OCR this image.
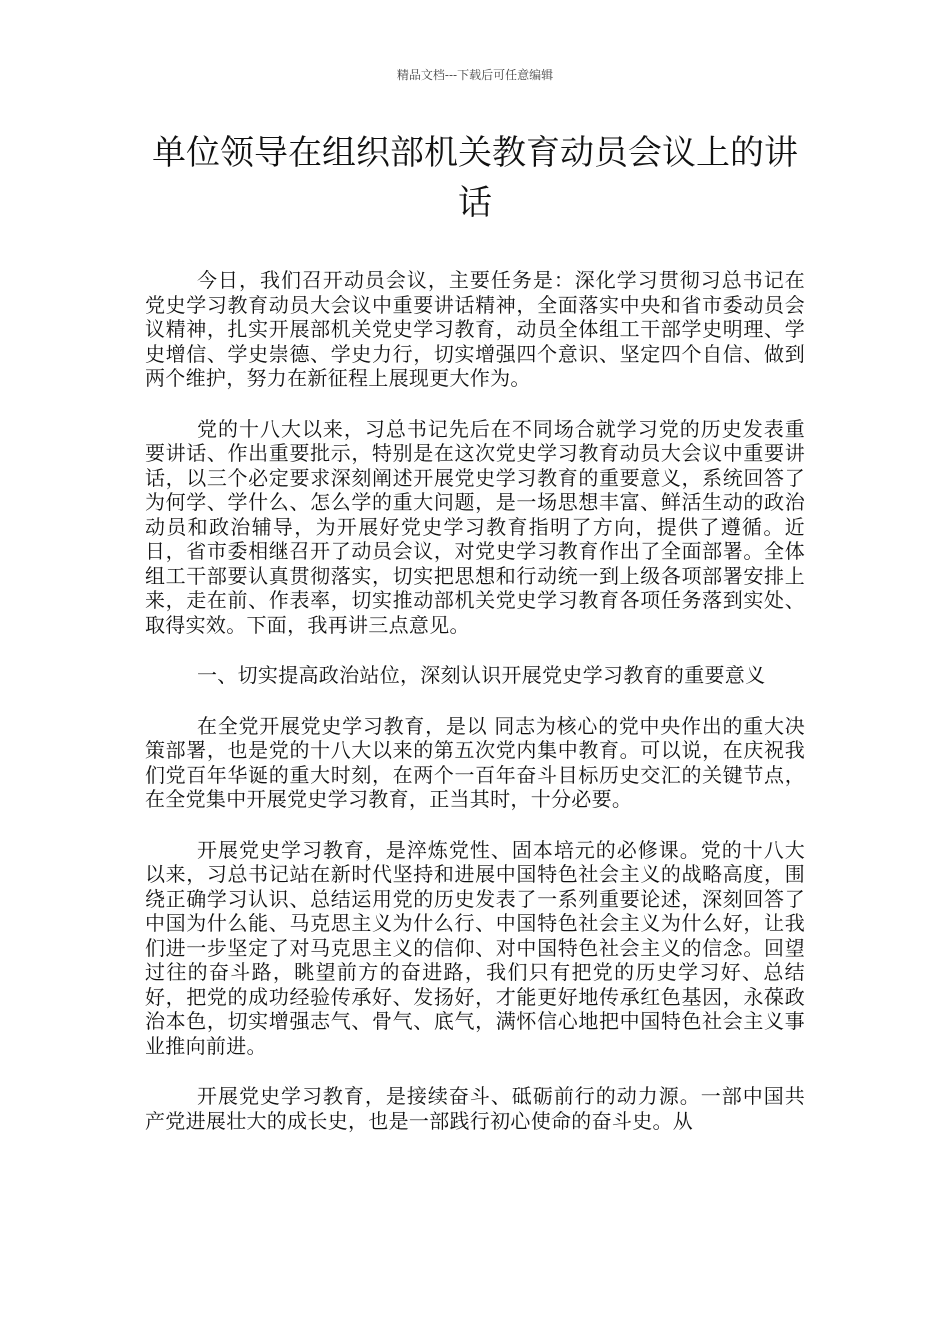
精品文档---下载后可任意编辑
单位领导在组织部机关教育动员会议上的讲话

今日，我们召开动员会议，主要任务是：深化学习贯彻习总书记在党史学习教育动员大会议中重要讲话精神，全面落实中央和省市委动员会议精神，扎实开展部机关党史学习教育，动员全体组工干部学史明理、学史增信、学史崇德、学史力行，切实增强四个意识、坚定四个自信、做到两个维护，努力在新征程上展现更大作为。

党的十八大以来，习总书记先后在不同场合就学习党的历史发表重要讲话、作出重要批示，特别是在这次党史学习教育动员大会议中重要讲话，以三个必定要求深刻阐述开展党史学习教育的重要意义，系统回答了为何学、学什么、怎么学的重大问题，是一场思想丰富、鲜活生动的政治动员和政治辅导，为开展好党史学习教育指明了方向，提供了遵循。近日，省市委相继召开了动员会议，对党史学习教育作出了全面部署。全体组工干部要认真贯彻落实，切实把思想和行动统一到上级各项部署安排上来，走在前、作表率，切实推动部机关党史学习教育各项任务落到实处、取得实效。下面，我再讲三点意见。

一、切实提高政治站位，深刻认识开展党史学习教育的重要意义

在全党开展党史学习教育，是以 同志为核心的党中央作出的重大决策部署，也是党的十八大以来的第五次党内集中教育。可以说，在庆祝我们党百年华诞的重大时刻，在两个一百年奋斗目标历史交汇的关键节点，在全党集中开展党史学习教育，正当其时，十分必要。

开展党史学习教育，是淬炼党性、固本培元的必修课。党的十八大以来，习总书记站在新时代坚持和进展中国特色社会主义的战略高度，围绕正确学习认识、总结运用党的历史发表了一系列重要论述，深刻回答了中国为什么能、马克思主义为什么行、中国特色社会主义为什么好，让我们进一步坚定了对马克思主义的信仰、对中国特色社会主义的信念。回望过往的奋斗路，眺望前方的奋进路，我们只有把党的历史学习好、总结好，把党的成功经验传承好、发扬好，才能更好地传承红色基因，永葆政治本色，切实增强志气、骨气、底气，满怀信心地把中国特色社会主义事业推向前进。

开展党史学习教育，是接续奋斗、砥砺前行的动力源。一部中国共产党进展壮大的成长史，也是一部践行初心使命的奋斗史。从
